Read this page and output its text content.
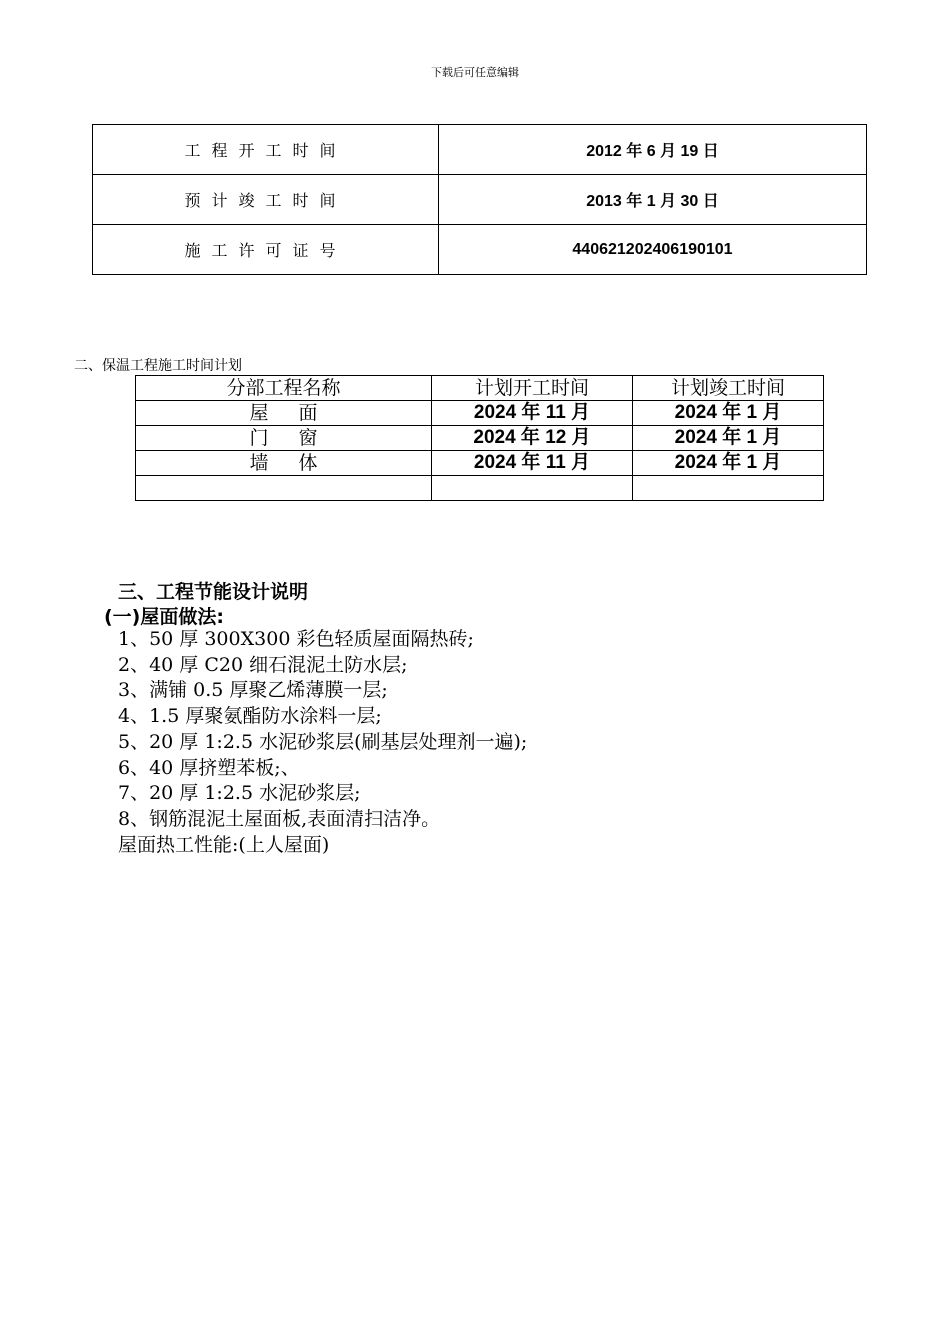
下载后可任意编辑
工程开工时间	2012 年 6 月 19 日
预计竣工时间	2013 年 1 月 30 日
施工许可证号	440621202406190101
二、保温工程施工时间计划
分部工程名称	计划开工时间	计划竣工时间
屋 面	2024 年 11 月	2024 年 1 月
门 窗	2024 年 12 月	2024 年 1 月
墙 体	2024 年 11 月	2024 年 1 月

三、工程节能设计说明
(一)屋面做法:
1、50 厚 300X300 彩色轻质屋面隔热砖;
2、40 厚 C20 细石混泥土防水层;
3、满铺 0.5 厚聚乙烯薄膜一层;
4、1.5 厚聚氨酯防水涂料一层;
5、20 厚 1:2.5 水泥砂浆层(刷基层处理剂一遍);
6、40 厚挤塑苯板;、
7、20 厚 1:2.5 水泥砂浆层;
8、钢筋混泥土屋面板,表面清扫洁净。
屋面热工性能:(上人屋面)
